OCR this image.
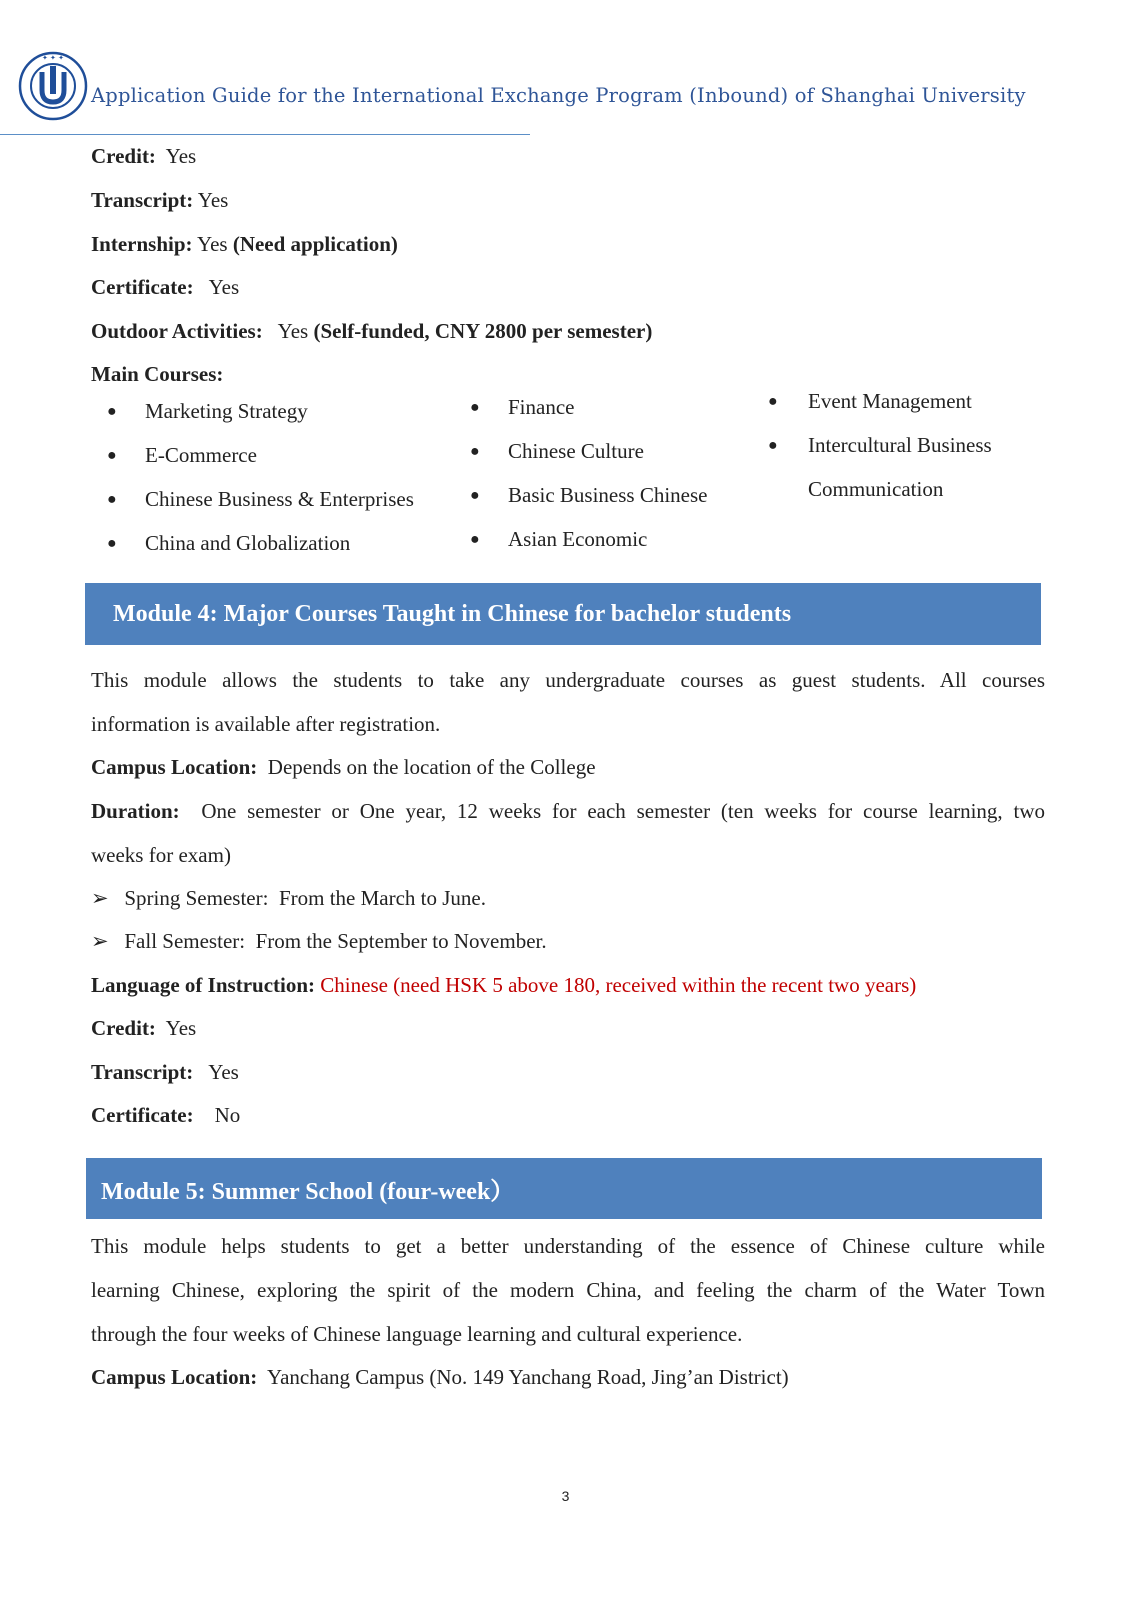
✦ ✦ ✦
Application Guide for the International Exchange Program (Inbound) of Shanghai University
Credit: Yes
Transcript: Yes
Internship: Yes (Need application)
Certificate: Yes
Outdoor Activities: Yes (Self-funded, CNY 2800 per semester)
Main Courses:
● Marketing Strategy
● E-Commerce
● Chinese Business & Enterprises
● China and Globalization
● Finance
● Chinese Culture
● Basic Business Chinese
● Asian Economic
● Event Management
● Intercultural Business
Communication
Module 4: Major Courses Taught in Chinese for bachelor students
This module allows the students to take any undergraduate courses as guest students. All courses
information is available after registration.
Campus Location: Depends on the location of the College
Duration: One semester or One year, 12 weeks for each semester (ten weeks for course learning, two
weeks for exam)
➢ Spring Semester: From the March to June.
➢ Fall Semester: From the September to November.
Language of Instruction: Chinese (need HSK 5 above 180, received within the recent two years)
Credit: Yes
Transcript: Yes
Certificate: No
Module 5: Summer School (four-week）
This module helps students to get a better understanding of the essence of Chinese culture while
learning Chinese, exploring the spirit of the modern China, and feeling the charm of the Water Town
through the four weeks of Chinese language learning and cultural experience.
Campus Location: Yanchang Campus (No. 149 Yanchang Road, Jing’an District)
3
